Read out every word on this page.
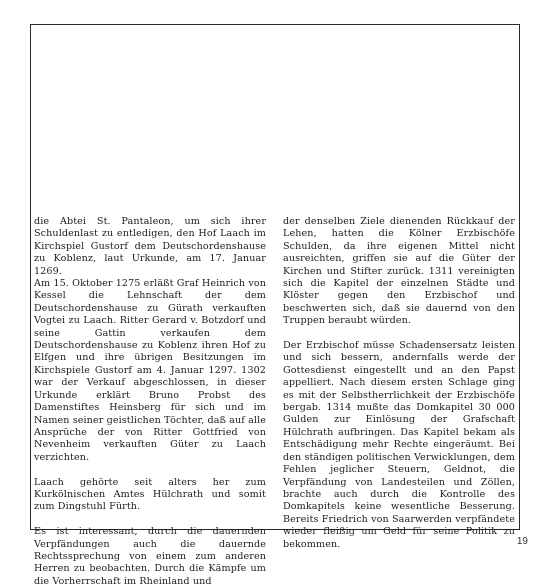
die Abtei St. Pantaleon, um sich ihrer Schuldenlast zu entledigen, den Hof Laach im Kirchspiel Gustorf dem Deutschordenshause zu Koblenz, laut Urkunde, am 17. Januar 1269.

Am 15. Oktober 1275 erläßt Graf Heinrich von Kessel die Lehnschaft der dem Deutschordenshause zu Gürath verkauften Vogtei zu Laach. Ritter Gerard v. Botzdorf und seine Gattin verkaufen dem Deutschordenshause zu Koblenz ihren Hof zu Elfgen und ihre übrigen Besitzungen im Kirchspiele Gustorf am 4. Januar 1297. 1302 war der Verkauf abgeschlossen, in dieser Urkunde erklärt Bruno Probst des Damenstiftes Heinsberg für sich und im Namen seiner geistlichen Töchter, daß auf alle Ansprüche der von Ritter Gottfried von Nevenheim verkauften Güter zu Laach verzichten.

Laach gehörte seit alters her zum Kurkölnischen Amtes Hülchrath und somit zum Dingstuhl Fürth.

Es ist interessant, durch die dauernden Verpfändungen auch die dauernde Rechtssprechung von einem zum anderen Herren zu beobachten. Durch die Kämpfe um die Vorherrschaft im Rheinland und

der denselben Ziele dienenden Rückkauf der Lehen, hatten die Kölner Erzbischöfe Schulden, da ihre eigenen Mittel nicht ausreichten, griffen sie auf die Güter der Kirchen und Stifter zurück. 1311 vereinigten sich die Kapitel der einzelnen Städte und Klöster gegen den Erzbischof und beschwerten sich, daß sie dauernd von den Truppen beraubt würden.

Der Erzbischof müsse Schadensersatz leisten und sich bessern, andernfalls werde der Gottesdienst eingestellt und an den Papst appelliert. Nach diesem ersten Schlage ging es mit der Selbstherrlichkeit der Erzbischöfe bergab. 1314 mußte das Domkapitel 30 000 Gulden zur Einlösung der Grafschaft Hülchrath aufbringen. Das Kapitel bekam als Entschädigung mehr Rechte eingeräumt. Bei den ständigen politischen Verwicklungen, dem Fehlen jeglicher Steuern, Geldnot, die Verpfändung von Landesteilen und Zöllen, brachte auch durch die Kontrolle des Domkapitels keine wesentliche Besserung. Bereits Friedrich von Saarwerden verpfändete wieder fleißig um Geld für seine Politik zu bekommen.	19
